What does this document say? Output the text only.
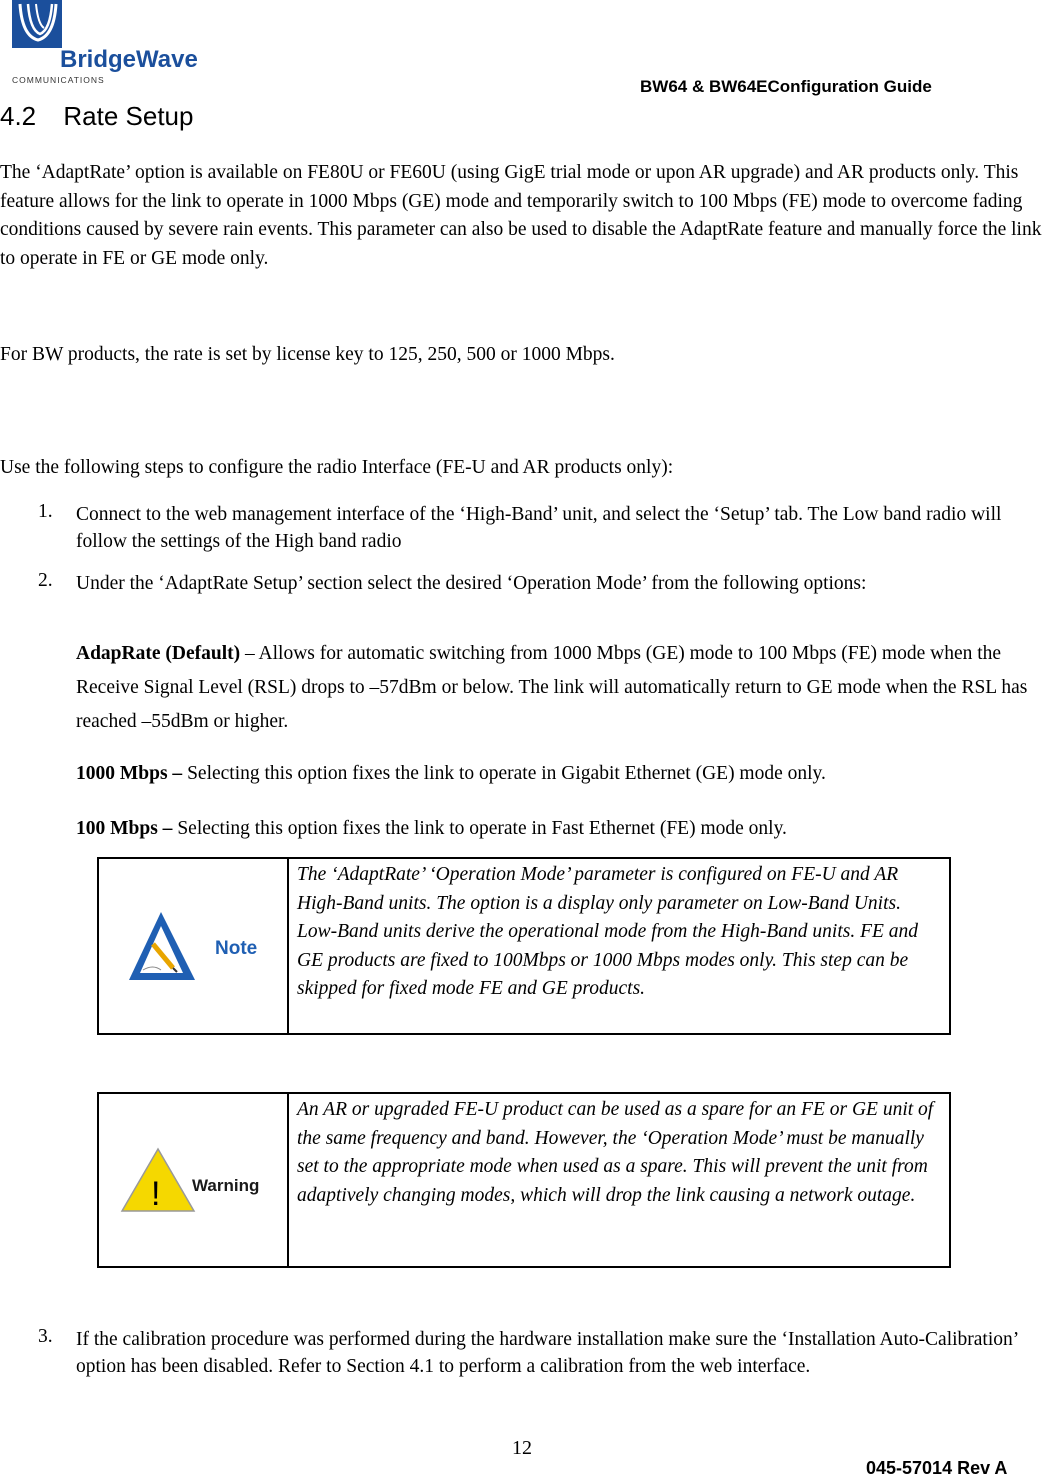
BridgeWave
COMMUNICATIONS	BW64 & BW64EConfiguration Guide
4.2 Rate Setup
The ‘AdaptRate’ option is available on FE80U or FE60U (using GigE trial mode or upon AR upgrade) and AR products only. This feature allows for the link to operate in 1000 Mbps (GE) mode and temporarily switch to 100 Mbps (FE) mode to overcome fading conditions caused by severe rain events. This parameter can also be used to disable the AdaptRate feature and manually force the link to operate in FE or GE mode only.
For BW products, the rate is set by license key to 125, 250, 500 or 1000 Mbps.
Use the following steps to configure the radio Interface (FE-U and AR products only):
1. Connect to the web management interface of the ‘High-Band’ unit, and select the ‘Setup’ tab. The Low band radio will follow the settings of the High band radio
2. Under the ‘AdaptRate Setup’ section select the desired ‘Operation Mode’ from the following options:
AdapRate (Default) – Allows for automatic switching from 1000 Mbps (GE) mode to 100 Mbps (FE) mode when the Receive Signal Level (RSL) drops to –57dBm or below. The link will automatically return to GE mode when the RSL has reached –55dBm or higher.
1000 Mbps – Selecting this option fixes the link to operate in Gigabit Ethernet (GE) mode only.
100 Mbps – Selecting this option fixes the link to operate in Fast Ethernet (FE) mode only.
Note
The ‘AdaptRate’ ‘Operation Mode’ parameter is configured on FE-U and AR High-Band units. The option is a display only parameter on Low-Band Units. Low-Band units derive the operational mode from the High-Band units. FE and GE products are fixed to 100Mbps or 1000 Mbps modes only. This step can be skipped for fixed mode FE and GE products.
! Warning
An AR or upgraded FE-U product can be used as a spare for an FE or GE unit of the same frequency and band. However, the ‘Operation Mode’ must be manually set to the appropriate mode when used as a spare. This will prevent the unit from adaptively changing modes, which will drop the link causing a network outage.
3. If the calibration procedure was performed during the hardware installation make sure the ‘Installation Auto-Calibration’ option has been disabled. Refer to Section 4.1 to perform a calibration from the web interface.
12
045-57014 Rev A
